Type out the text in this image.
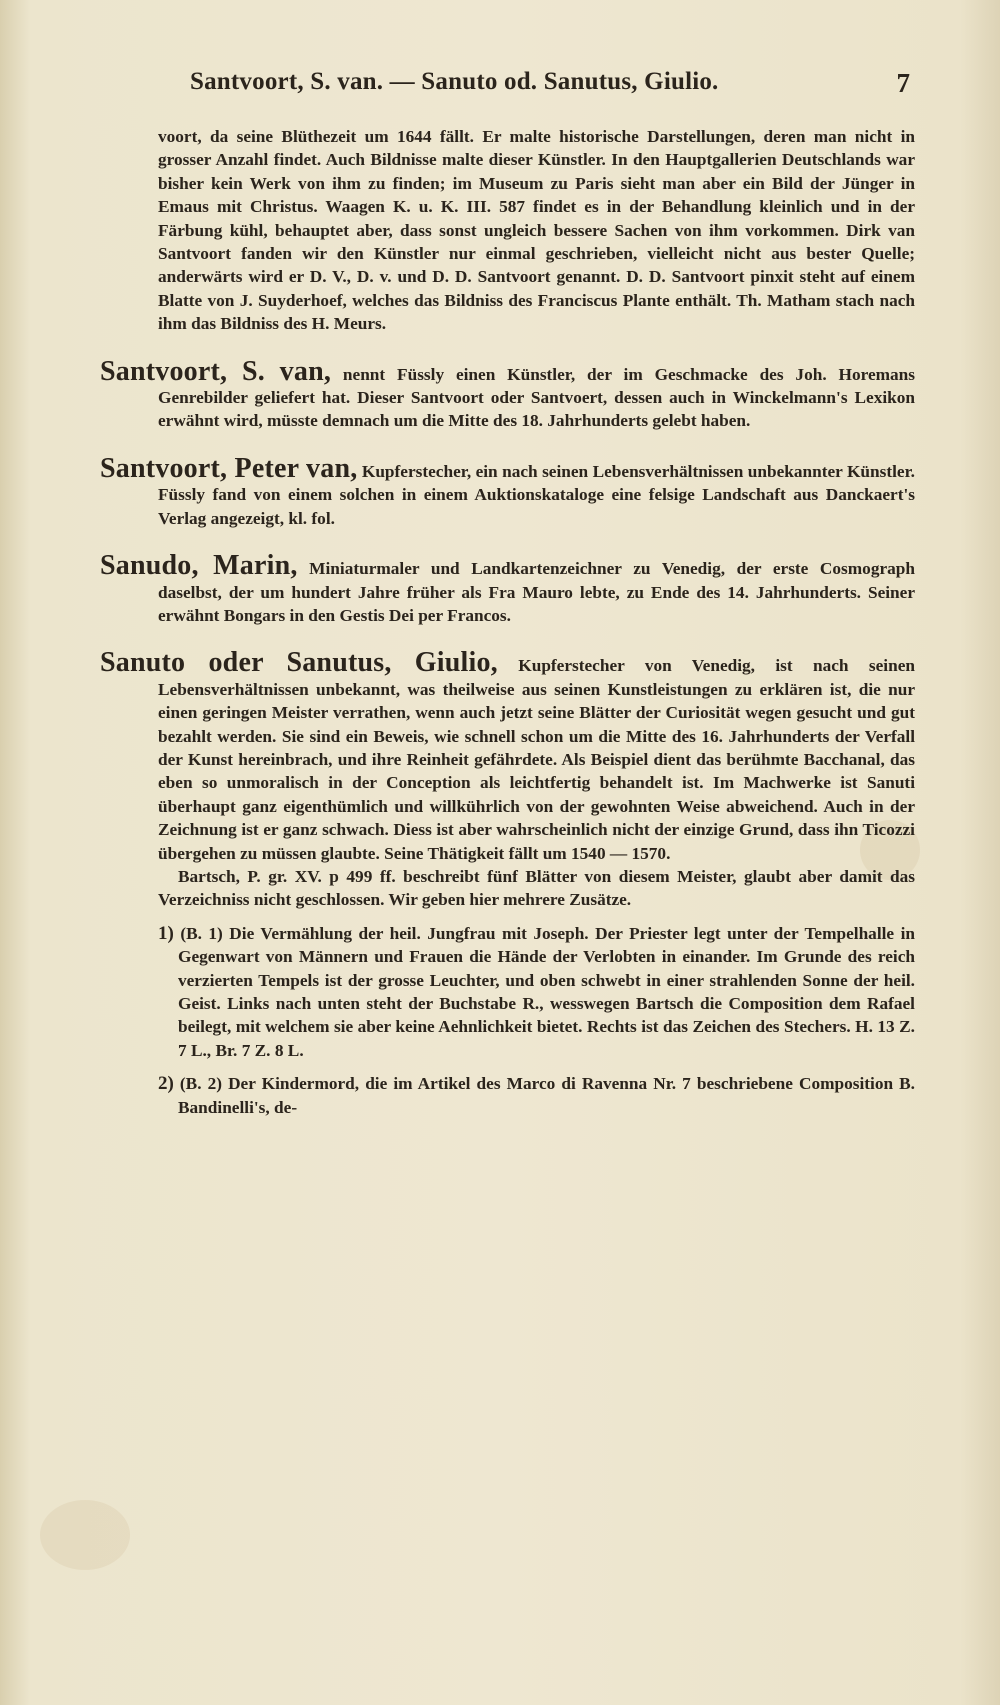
Santvoort, S. van. — Sanuto od. Sanutus, Giulio.	7

voort, da seine Blüthezeit um 1644 fällt. Er malte historische Darstellungen, deren man nicht in grosser Anzahl findet. Auch Bildnisse malte dieser Künstler. In den Hauptgallerien Deutschlands war bisher kein Werk von ihm zu finden; im Museum zu Paris sieht man aber ein Bild der Jünger in Emaus mit Christus. Waagen K. u. K. III. 587 findet es in der Behandlung kleinlich und in der Färbung kühl, behauptet aber, dass sonst ungleich bessere Sachen von ihm vorkommen. Dirk van Santvoort fanden wir den Künstler nur einmal geschrieben, vielleicht nicht aus bester Quelle; anderwärts wird er D. V., D. v. und D. D. Santvoort genannt. D. D. Santvoort pinxit steht auf einem Blatte von J. Suyderhoef, welches das Bildniss des Franciscus Plante enthält. Th. Matham stach nach ihm das Bildniss des H. Meurs.

Santvoort, S. van, nennt Füssly einen Künstler, der im Geschmacke des Joh. Horemans Genrebilder geliefert hat. Dieser Santvoort oder Santvoert, dessen auch in Winckelmann's Lexikon erwähnt wird, müsste demnach um die Mitte des 18. Jahrhunderts gelebt haben.

Santvoort, Peter van, Kupferstecher, ein nach seinen Lebensverhältnissen unbekannter Künstler. Füssly fand von einem solchen in einem Auktionskataloge eine felsige Landschaft aus Danckaert's Verlag angezeigt, kl. fol.

Sanudo, Marin, Miniaturmaler und Landkartenzeichner zu Venedig, der erste Cosmograph daselbst, der um hundert Jahre früher als Fra Mauro lebte, zu Ende des 14. Jahrhunderts. Seiner erwähnt Bongars in den Gestis Dei per Francos.

Sanuto oder Sanutus, Giulio, Kupferstecher von Venedig, ist nach seinen Lebensverhältnissen unbekannt, was theilweise aus seinen Kunstleistungen zu erklären ist, die nur einen geringen Meister verrathen, wenn auch jetzt seine Blätter der Curiosität wegen gesucht und gut bezahlt werden. Sie sind ein Beweis, wie schnell schon um die Mitte des 16. Jahrhunderts der Verfall der Kunst hereinbrach, und ihre Reinheit gefährdete. Als Beispiel dient das berühmte Bacchanal, das eben so unmoralisch in der Conception als leichtfertig behandelt ist. Im Machwerke ist Sanuti überhaupt ganz eigenthümlich und willkührlich von der gewohnten Weise abweichend. Auch in der Zeichnung ist er ganz schwach. Diess ist aber wahrscheinlich nicht der einzige Grund, dass ihn Ticozzi übergehen zu müssen glaubte. Seine Thätigkeit fällt um 1540 — 1570.

Bartsch, P. gr. XV. p 499 ff. beschreibt fünf Blätter von diesem Meister, glaubt aber damit das Verzeichniss nicht geschlossen. Wir geben hier mehrere Zusätze.

1) (B. 1) Die Vermählung der heil. Jungfrau mit Joseph. Der Priester legt unter der Tempelhalle in Gegenwart von Männern und Frauen die Hände der Verlobten in einander. Im Grunde des reich verzierten Tempels ist der grosse Leuchter, und oben schwebt in einer strahlenden Sonne der heil. Geist. Links nach unten steht der Buchstabe R., wesswegen Bartsch die Composition dem Rafael beilegt, mit welchem sie aber keine Aehnlichkeit bietet. Rechts ist das Zeichen des Stechers. H. 13 Z. 7 L., Br. 7 Z. 8 L.

2) (B. 2) Der Kindermord, die im Artikel des Marco di Ravenna Nr. 7 beschriebene Composition B. Bandinelli's, de-
